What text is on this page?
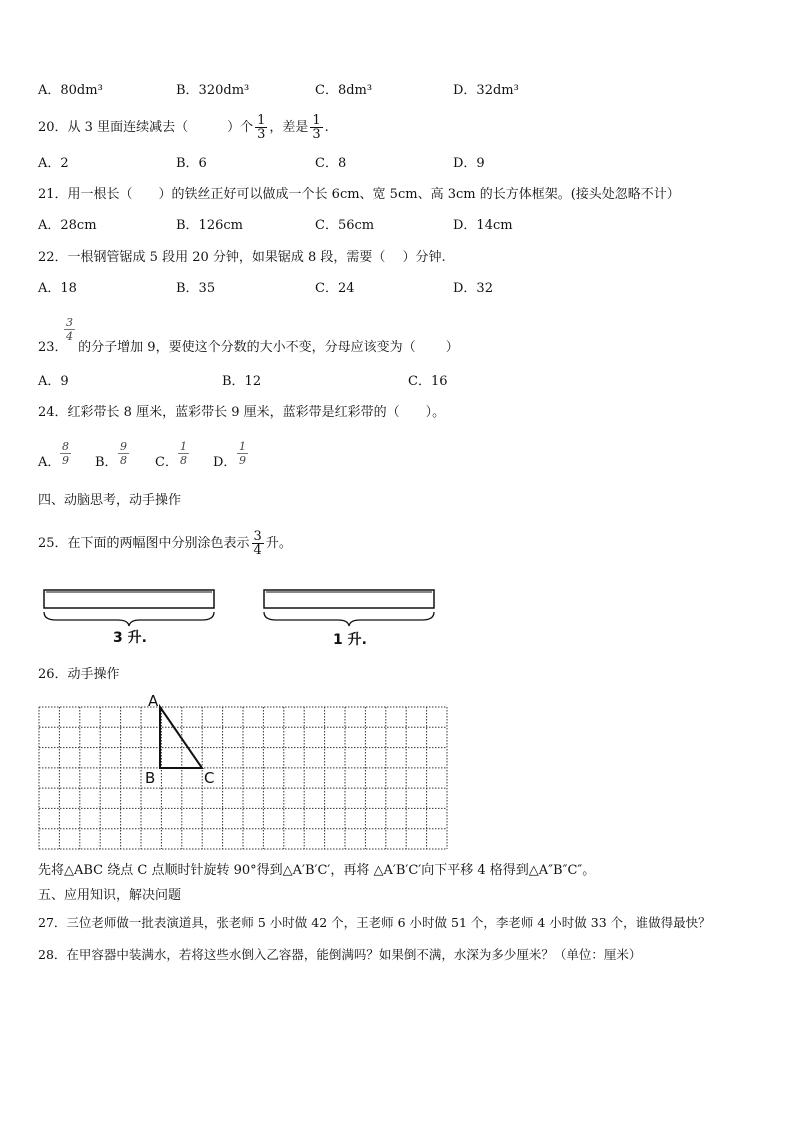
A．80dm³	B．320dm³	C．8dm³	D．32dm³
20．从 3 里面连续减去（　　　）个 $\frac{1}{3}$ ，差是 $\frac{1}{3}$ .
A．2	B．6	C．8	D．9
21．用一根长（　　）的铁丝正好可以做成一个长 6cm、宽 5cm、高 3cm 的长方体框架。(接头处忽略不计）
A．28cm	B．126cm	C．56cm	D．14cm
22．一根钢管锯成 5 段用 20 分钟，如果锯成 8 段，需要（　 ）分钟.
A．18	B．35	C．24	D．32
$\frac{3}{4}$
23．　 的分子增加 9，要使这个分数的大小不变，分母应该变为（　　 ）
A．9	B．12	C．16
24．红彩带长 8 厘米，蓝彩带长 9 厘米，蓝彩带是红彩带的（　　）。
A． $\frac{8}{9}$ B． $\frac{9}{8}$ C． $\frac{1}{8}$ D． $\frac{1}{9}$
四、动脑思考，动手操作
25．在下面的两幅图中分别涂色表示 $\frac{3}{4}$ 升。
3 升.	1 升.
26．动手操作
A
B	C
先将△ABC 绕点 C 点顺时针旋转 90°得到△A′B′C′，再将 △A′B′C′向下平移 4 格得到△A″B″C″。
五、应用知识，解决问题
27．三位老师做一批表演道具，张老师 5 小时做 42 个，王老师 6 小时做 51 个，李老师 4 小时做 33 个，谁做得最快？
28．在甲容器中装满水，若将这些水倒入乙容器，能倒满吗？如果倒不满，水深为多少厘米？（单位：厘米）
